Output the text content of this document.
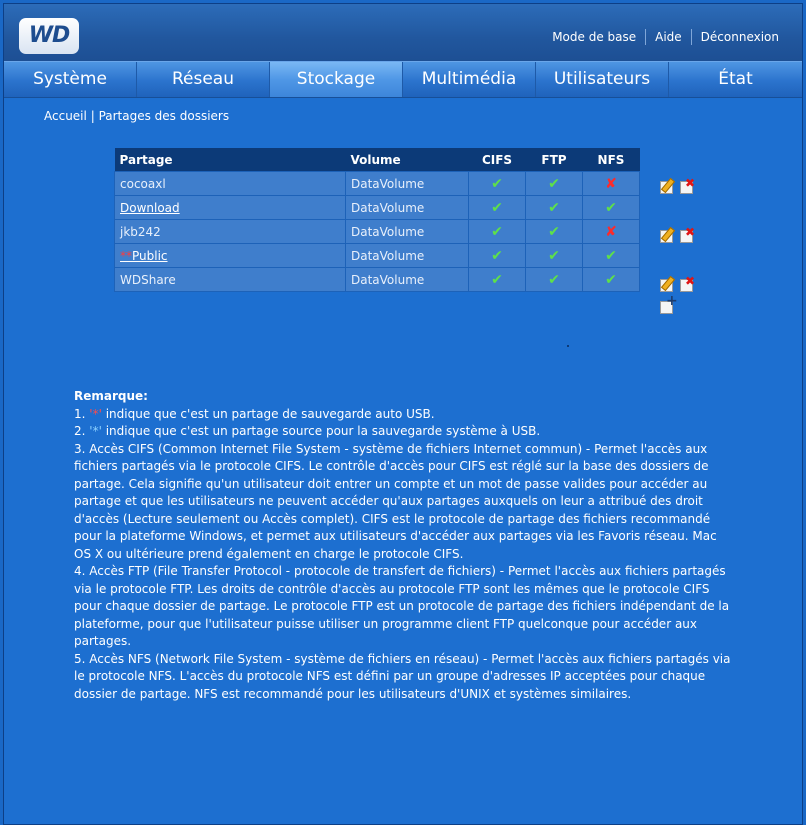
WD	Mode de base	Aide	Déconnexion
Système	Réseau	Stockage	Multimédia	Utilisateurs	État
Accueil | Partages des dossiers
Partage	Volume	CIFS	FTP	NFS
cocoaxl	DataVolume	✔	✔	✘
Download	DataVolume	✔	✔	✔
jkb242	DataVolume	✔	✔	✘
**Public	DataVolume	✔	✔	✔
WDShare	DataVolume	✔	✔	✔
✖
✖
✖
+
Remarque:
1. '*' indique que c'est un partage de sauvegarde auto USB.
2. '*' indique que c'est un partage source pour la sauvegarde système à USB.
3. Accès CIFS (Common Internet File System - système de fichiers Internet commun) - Permet l'accès aux fichiers partagés via le protocole CIFS. Le contrôle d'accès pour CIFS est réglé sur la base des dossiers de partage. Cela signifie qu'un utilisateur doit entrer un compte et un mot de passe valides pour accéder au partage et que les utilisateurs ne peuvent accéder qu'aux partages auxquels on leur a attribué des droit d'accès (Lecture seulement ou Accès complet). CIFS est le protocole de partage des fichiers recommandé pour la plateforme Windows, et permet aux utilisateurs d'accéder aux partages via les Favoris réseau. Mac OS X ou ultérieure prend également en charge le protocole CIFS.
4. Accès FTP (File Transfer Protocol - protocole de transfert de fichiers) - Permet l'accès aux fichiers partagés via le protocole FTP. Les droits de contrôle d'accès au protocole FTP sont les mêmes que le protocole CIFS pour chaque dossier de partage. Le protocole FTP est un protocole de partage des fichiers indépendant de la plateforme, pour que l'utilisateur puisse utiliser un programme client FTP quelconque pour accéder aux partages.
5. Accès NFS (Network File System - système de fichiers en réseau) - Permet l'accès aux fichiers partagés via le protocole NFS. L'accès du protocole NFS est défini par un groupe d'adresses IP acceptées pour chaque dossier de partage. NFS est recommandé pour les utilisateurs d'UNIX et systèmes similaires.
